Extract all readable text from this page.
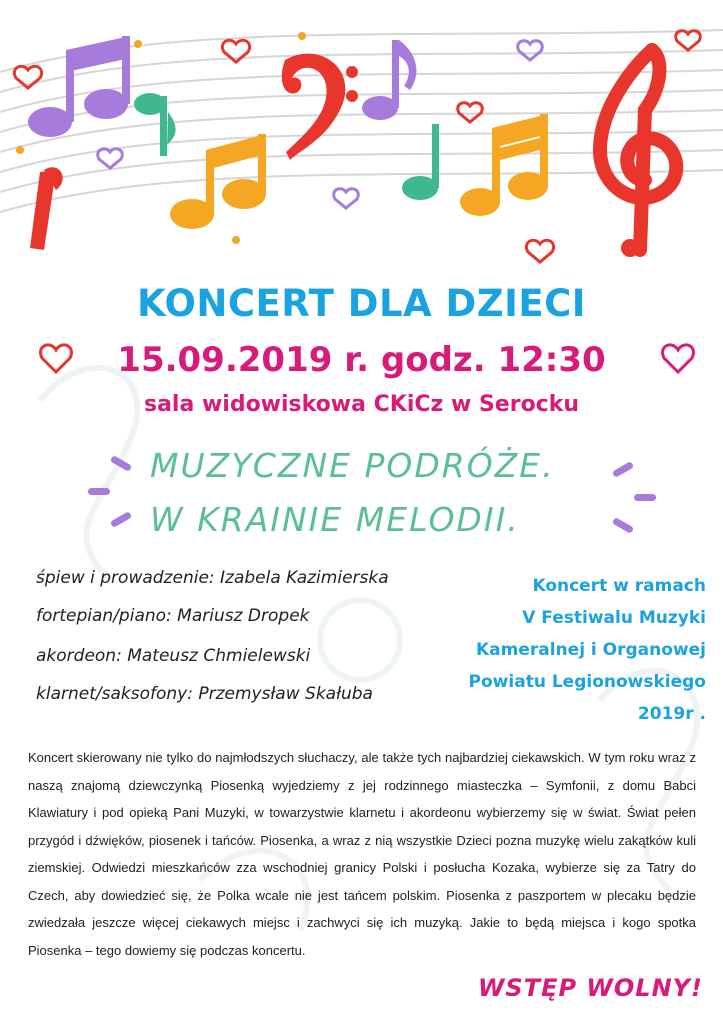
KONCERT DLA DZIECI
15.09.2019 r. godz. 12:30
sala widowiskowa CKiCz w Serocku
MUZYCZNE PODRÓŻE.
W KRAINIE MELODII.
śpiew i prowadzenie: Izabela Kazimierska
fortepian/piano: Mariusz Dropek
akordeon: Mateusz Chmielewski
klarnet/saksofony: Przemysław Skałuba
Koncert w ramach
V Festiwalu Muzyki
Kameralnej i Organowej
Powiatu Legionowskiego
2019r .
Koncert skierowany nie tylko do najmłodszych słuchaczy, ale także tych najbardziej ciekawskich. W tym roku wraz z naszą znajomą dziewczynką Piosenką wyjedziemy z jej rodzinnego miasteczka – Symfonii, z domu Babci Klawiatury i pod opieką Pani Muzyki, w towarzystwie klarnetu i akordeonu wybierzemy się w świat. Świat pełen przygód i dźwięków, piosenek i tańców. Piosenka, a wraz z nią wszystkie Dzieci pozna muzykę wielu zakątków kuli ziemskiej. Odwiedzi mieszkańców zza wschodniej granicy Polski i posłucha Kozaka, wybierze się za Tatry do Czech, aby dowiedzieć się, że Polka wcale nie jest tańcem polskim. Piosenka z paszportem w plecaku będzie zwiedzała jeszcze więcej ciekawych miejsc i zachwyci się ich muzyką. Jakie to będą miejsca i kogo spotka Piosenka – tego dowiemy się podczas koncertu.
WSTĘP WOLNY!
